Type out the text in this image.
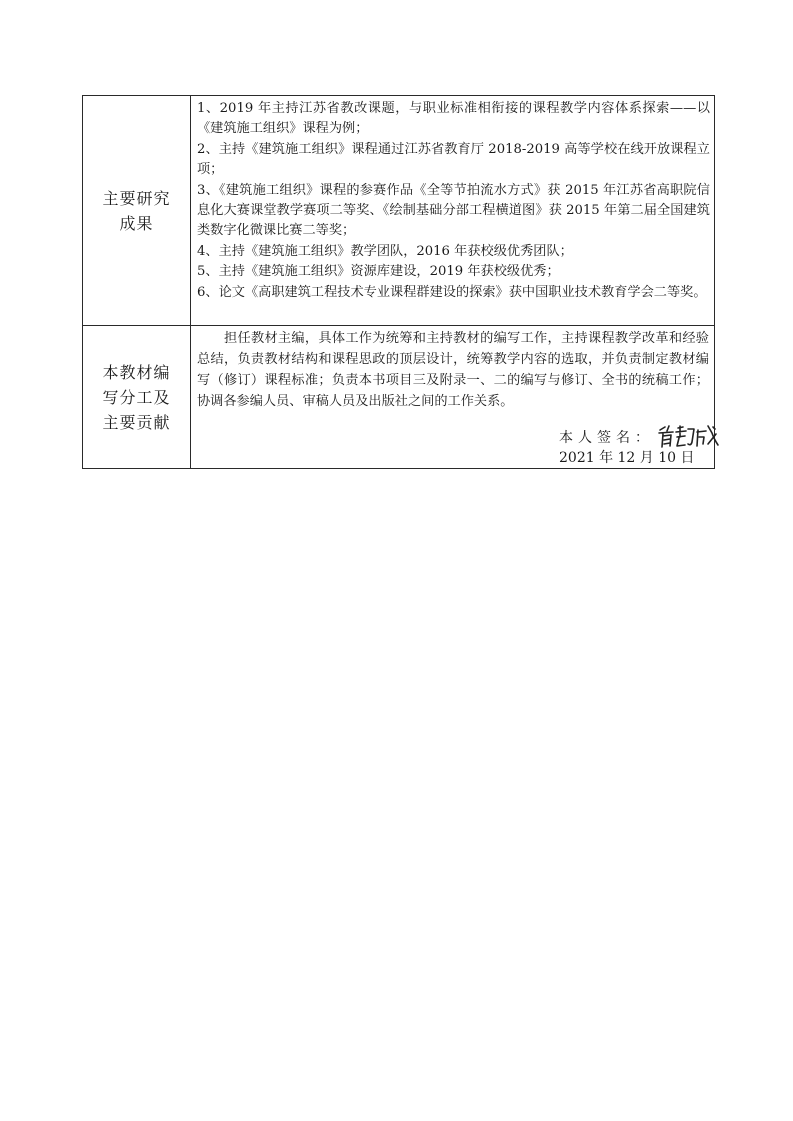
主要研究
成果
1、2019 年主持江苏省教改课题，与职业标准相衔接的课程教学内容体系探索——以《建筑施工组织》课程为例；
2、主持《建筑施工组织》课程通过江苏省教育厅 2018-2019 高等学校在线开放课程立项；
3、《建筑施工组织》课程的参赛作品《全等节拍流水方式》获 2015 年江苏省高职院信息化大赛课堂教学赛项二等奖、《绘制基础分部工程横道图》获 2015 年第二届全国建筑类数字化微课比赛二等奖；
4、主持《建筑施工组织》教学团队，2016 年获校级优秀团队；
5、主持《建筑施工组织》资源库建设，2019 年获校级优秀；
6、论文《高职建筑工程技术专业课程群建设的探索》获中国职业技术教育学会二等奖。
本教材编
写分工及
主要贡献

担任教材主编，具体工作为统筹和主持教材的编写工作，主持课程教学改革和经验总结，负责教材结构和课程思政的顶层设计，统筹教学内容的选取，并负责制定教材编写（修订）课程标准；负责本书项目三及附录一、二的编写与修订、全书的统稿工作；协调各参编人员、审稿人员及出版社之间的工作关系。

本人签名：
2021 年 12 月 10 日
